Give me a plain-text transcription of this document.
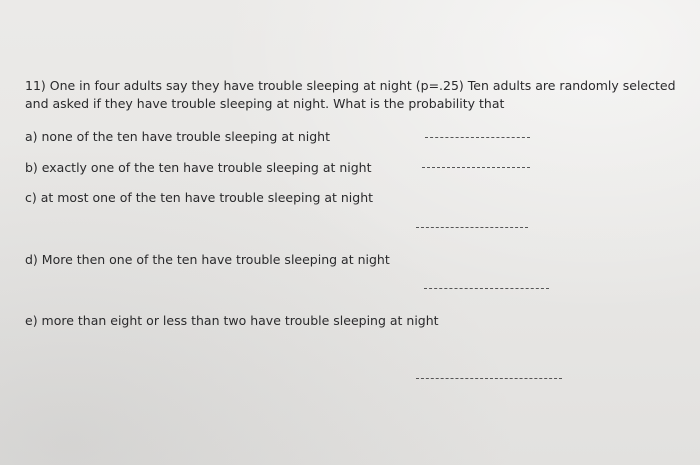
11) One in four adults say they have trouble sleeping at night (p=.25) Ten adults are randomly selected
and asked if they have trouble sleeping at night. What is the probability that
a) none of the ten have trouble sleeping at night
b) exactly one of the ten have trouble sleeping at night
c) at most one of the ten have trouble sleeping at night
d) More then one of the ten have trouble sleeping at night
e) more than eight or less than two have trouble sleeping at night
